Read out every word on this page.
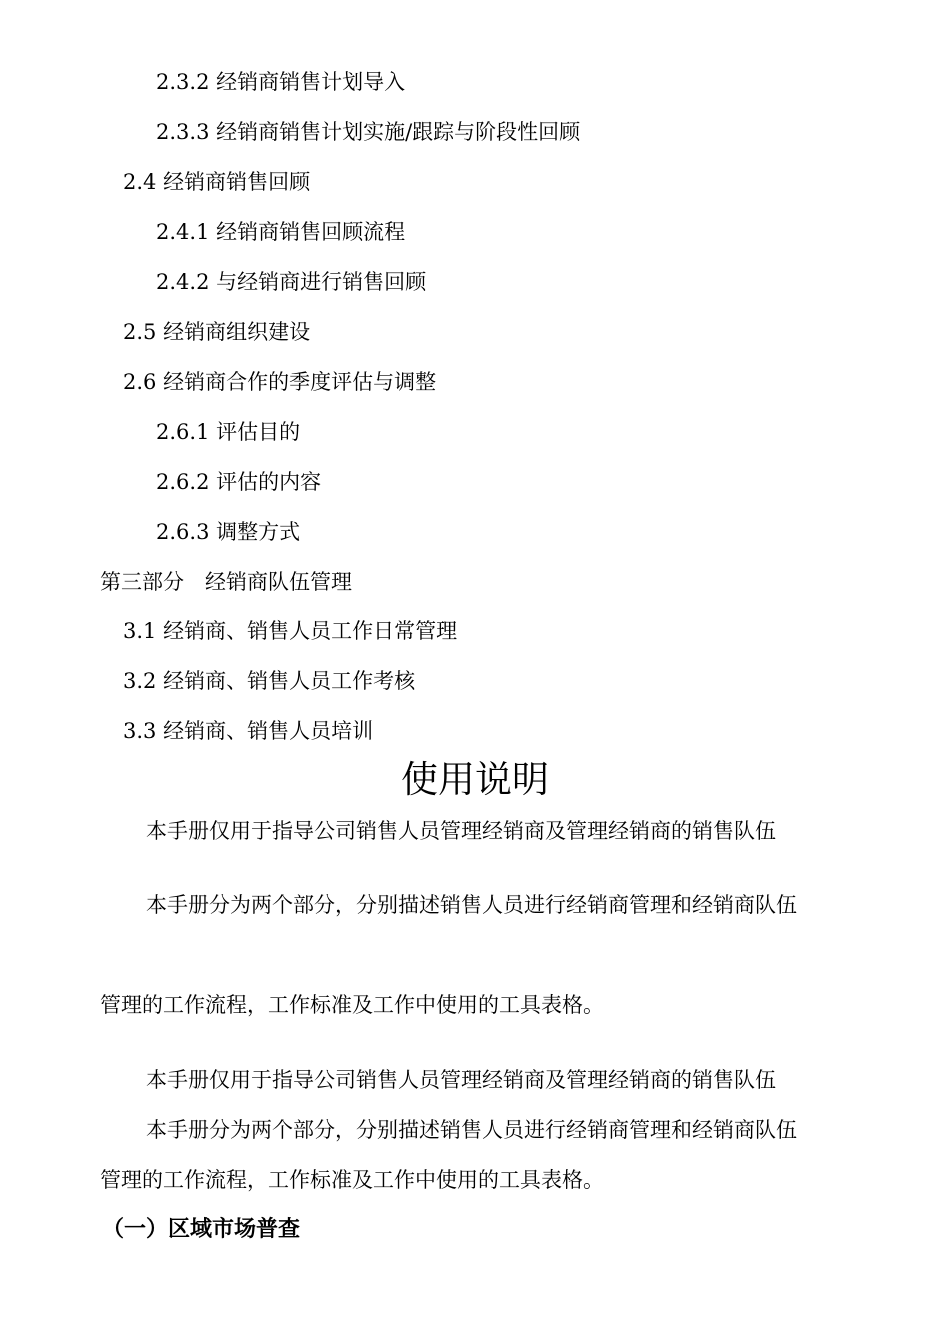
2.3.2 经销商销售计划导入
2.3.3 经销商销售计划实施/跟踪与阶段性回顾
2.4 经销商销售回顾
2.4.1 经销商销售回顾流程
2.4.2 与经销商进行销售回顾
2.5 经销商组织建设
2.6 经销商合作的季度评估与调整
2.6.1 评估目的
2.6.2 评估的内容
2.6.3 调整方式
第三部分　经销商队伍管理
3.1 经销商、销售人员工作日常管理
3.2 经销商、销售人员工作考核
3.3 经销商、销售人员培训
使用说明
本手册仅用于指导公司销售人员管理经销商及管理经销商的销售队伍
本手册分为两个部分，分别描述销售人员进行经销商管理和经销商队伍
管理的工作流程，工作标准及工作中使用的工具表格。
本手册仅用于指导公司销售人员管理经销商及管理经销商的销售队伍
本手册分为两个部分，分别描述销售人员进行经销商管理和经销商队伍
管理的工作流程，工作标准及工作中使用的工具表格。
（一）区域市场普查
